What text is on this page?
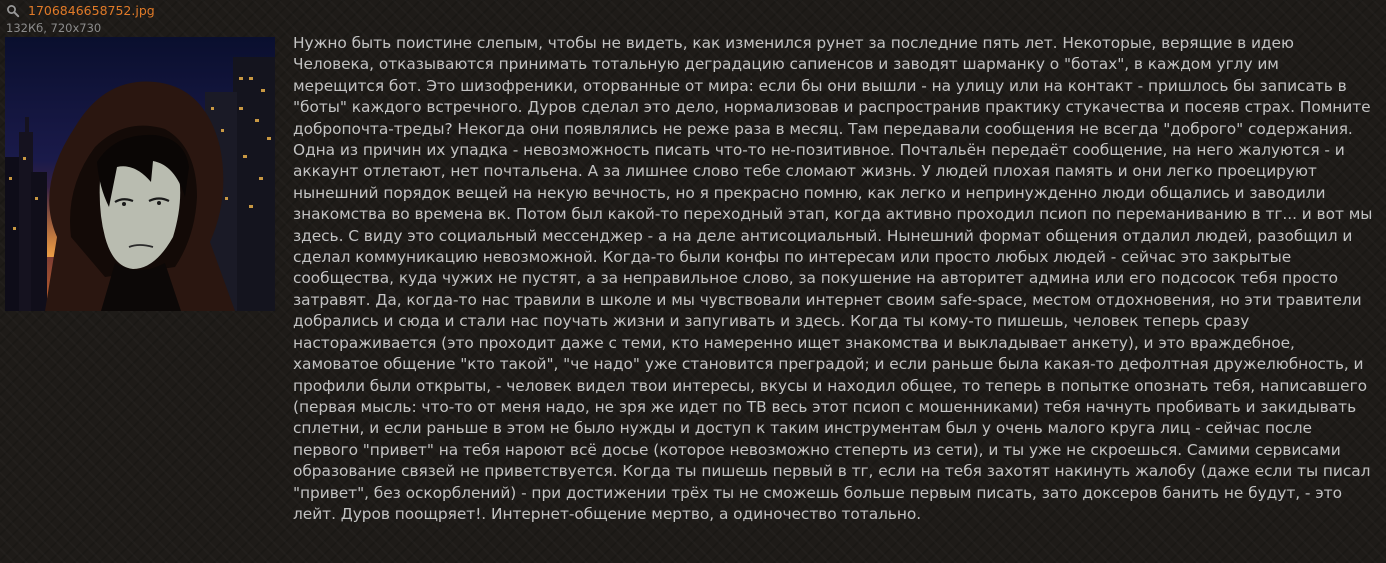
1706846658752.jpg
132Кб, 720x730
Нужно быть поистине слепым, чтобы не видеть, как изменился рунет за последние пять лет. Некоторые, верящие в идею Человека, отказываются принимать тотальную деградацию сапиенсов и заводят шарманку о "ботах", в каждом углу им мерещится бот. Это шизофреники, оторванные от мира: если бы они вышли - на улицу или на контакт - пришлось бы записать в "боты" каждого встречного. Дуров сделал это дело, нормализовав и распространив практику стукачества и посеяв страх. Помните добропочта-треды? Некогда они появлялись не реже раза в месяц. Там передавали сообщения не всегда "доброго" содержания. Одна из причин их упадка - невозможность писать что-то не-позитивное. Почтальён передаёт сообщение, на него жалуются - и аккаунт отлетают, нет почтальена. А за лишнее слово тебе сломают жизнь. У людей плохая память и они легко проецируют нынешний порядок вещей на некую вечность, но я прекрасно помню, как легко и непринужденно люди общались и заводили знакомства во времена вк. Потом был какой-то переходный этап, когда активно проходил псиоп по переманиванию в тг... и вот мы здесь. С виду это социальный мессенджер - а на деле антисоциальный. Нынешний формат общения отдалил людей, разобщил и сделал коммуникацию невозможной. Когда-то были конфы по интересам или просто любых людей - сейчас это закрытые сообщества, куда чужих не пустят, а за неправильное слово, за покушение на авторитет админа или его подсосок тебя просто затравят. Да, когда-то нас травили в школе и мы чувствовали интернет своим safe-space, местом отдохновения, но эти травители добрались и сюда и стали нас поучать жизни и запугивать и здесь. Когда ты кому-то пишешь, человек теперь сразу настораживается (это проходит даже с теми, кто намеренно ищет знакомства и выкладывает анкету), и это враждебное, хамоватое общение "кто такой", "че надо" уже становится преградой; и если раньше была какая-то дефолтная дружелюбность, и профили были открыты, - человек видел твои интересы, вкусы и находил общее, то теперь в попытке опознать тебя, написавшего (первая мысль: что-то от меня надо, не зря же идет по ТВ весь этот псиоп с мошенниками) тебя начнуть пробивать и закидывать сплетни, и если раньше в этом не было нужды и доступ к таким инструментам был у очень малого круга лиц - сейчас после первого "привет" на тебя нароют всё досье (которое невозможно степерть из сети), и ты уже не скроешься. Самими сервисами образование связей не приветствуется. Когда ты пишешь первый в тг, если на тебя захотят накинуть жалобу (даже если ты писал "привет", без оскорблений) - при достижении трёх ты не сможешь больше первым писать, зато доксеров банить не будут, - это лейт. Дуров поощряет!. Интернет-общение мертво, а одиночество тотально.
